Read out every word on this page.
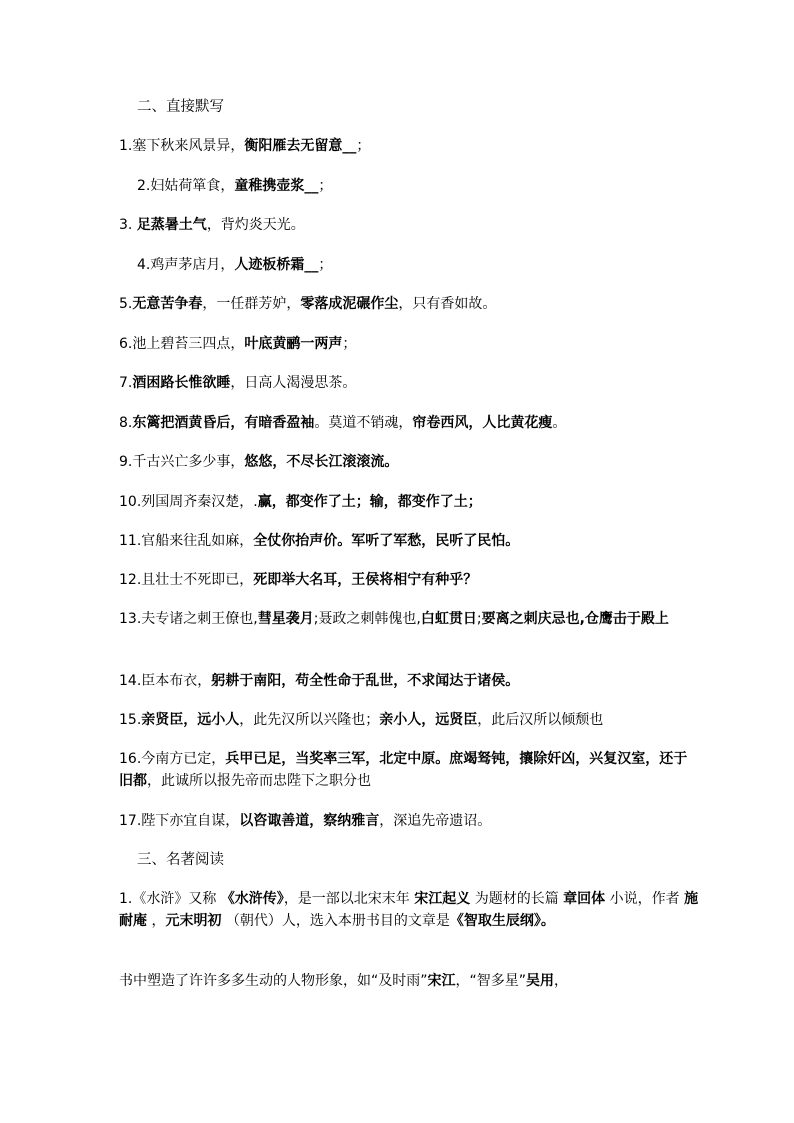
二、直接默写
1.塞下秋来风景异，衡阳雁去无留意__；
2.妇姑荷箪食，童稚携壶浆__；
3. 足蒸暑土气，背灼炎天光。
4.鸡声茅店月，人迹板桥霜__；
5.无意苦争春，一任群芳妒，零落成泥碾作尘，只有香如故。
6.池上碧苔三四点，叶底黄鹂一两声；
7.酒困路长惟欲睡，日高人渴漫思茶。
8.东篱把酒黄昏后，有暗香盈袖。莫道不销魂，帘卷西风，人比黄花瘦。
9.千古兴亡多少事，悠悠，不尽长江滚滚流。
10.列国周齐秦汉楚，.赢，都变作了土；输，都变作了土；
11.官船来往乱如麻，全仗你抬声价。军听了军愁，民听了民怕。
12.且壮士不死即已，死即举大名耳，王侯将相宁有种乎？
13.夫专诸之刺王僚也,彗星袭月;聂政之刺韩傀也,白虹贯日;要离之刺庆忌也,仓鹰击于殿上
14.臣本布衣，躬耕于南阳，苟全性命于乱世，不求闻达于诸侯。
15.亲贤臣，远小人，此先汉所以兴隆也；亲小人，远贤臣，此后汉所以倾颓也
16.今南方已定，兵甲已足，当奖率三军，北定中原。庶竭驽钝，攘除奸凶，兴复汉室，还于旧都，此诚所以报先帝而忠陛下之职分也
17.陛下亦宜自谋，以咨诹善道，察纳雅言，深追先帝遗诏。
三、名著阅读
1.《水浒》又称 《水浒传》，是一部以北宋末年 宋江起义 为题材的长篇 章回体 小说，作者 施耐庵 ，元末明初 （朝代）人，选入本册书目的文章是《智取生辰纲》。
书中塑造了许许多多生动的人物形象，如“及时雨”宋江，“智多星”吴用，
